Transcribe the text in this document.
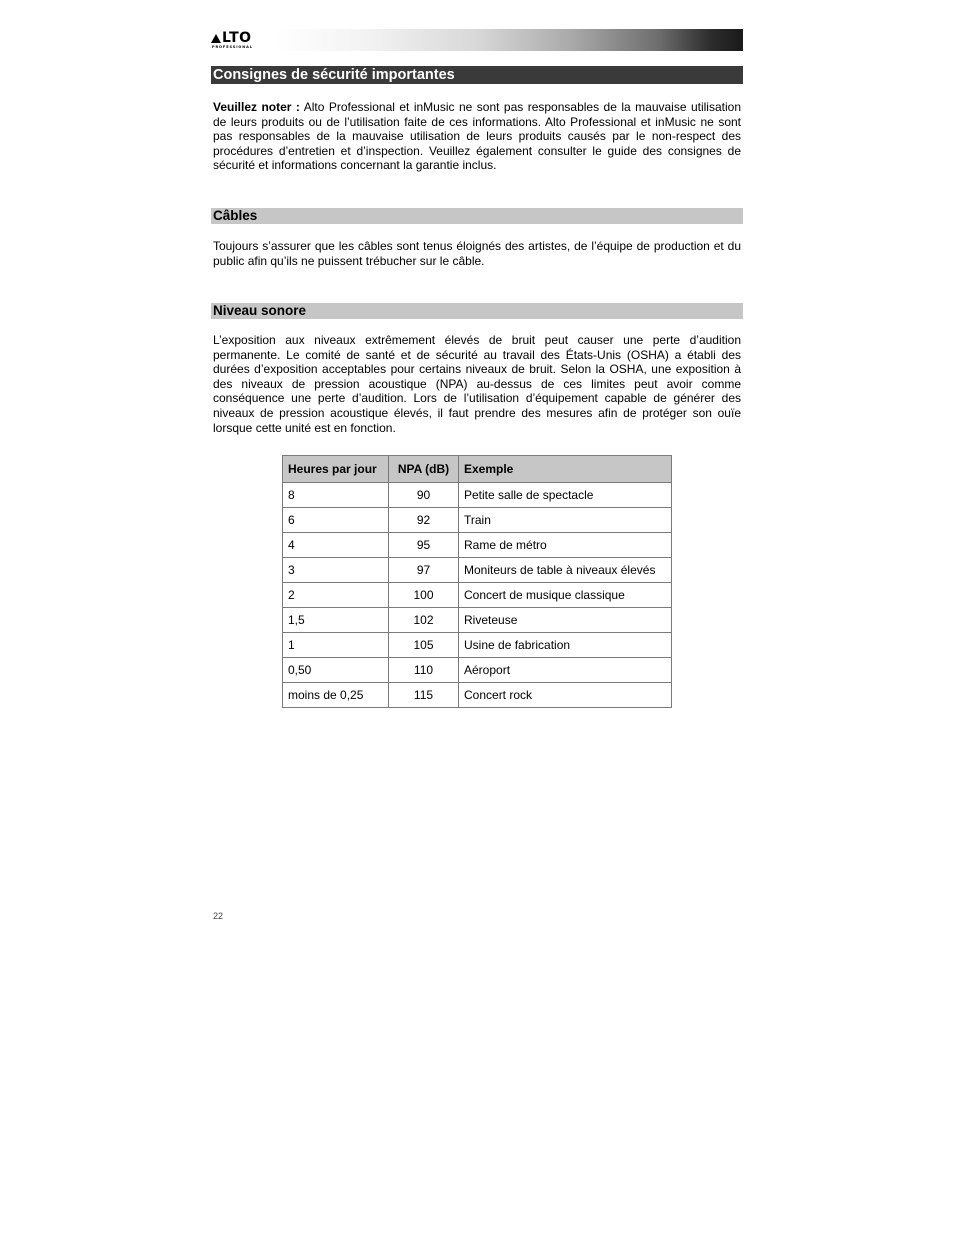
LTO
PROFESSIONAL
Consignes de sécurité importantes

Veuillez noter : Alto Professional et inMusic ne sont pas responsables de la mauvaise utilisation de leurs produits ou de l’utilisation faite de ces informations. Alto Professional et inMusic ne sont pas responsables de la mauvaise utilisation de leurs produits causés par le non-respect des procédures d’entretien et d’inspection. Veuillez également consulter le guide des consignes de sécurité et informations concernant la garantie inclus.

Câbles

Toujours s’assurer que les câbles sont tenus éloignés des artistes, de l’équipe de production et du public afin qu’ils ne puissent trébucher sur le câble.

Niveau sonore

L’exposition aux niveaux extrêmement élevés de bruit peut causer une perte d’audition permanente. Le comité de santé et de sécurité au travail des États-Unis (OSHA) a établi des durées d’exposition acceptables pour certains niveaux de bruit. Selon la OSHA, une exposition à des niveaux de pression acoustique (NPA) au-dessus de ces limites peut avoir comme conséquence une perte d’audition. Lors de l’utilisation d’équipement capable de générer des niveaux de pression acoustique élevés, il faut prendre des mesures afin de protéger son ouïe lorsque cette unité est en fonction.

Heures par jour	NPA (dB)	Exemple
8	90	Petite salle de spectacle
6	92	Train
4	95	Rame de métro
3	97	Moniteurs de table à niveaux élevés
2	100	Concert de musique classique
1,5	102	Riveteuse
1	105	Usine de fabrication
0,50	110	Aéroport
moins de 0,25	115	Concert rock
22
